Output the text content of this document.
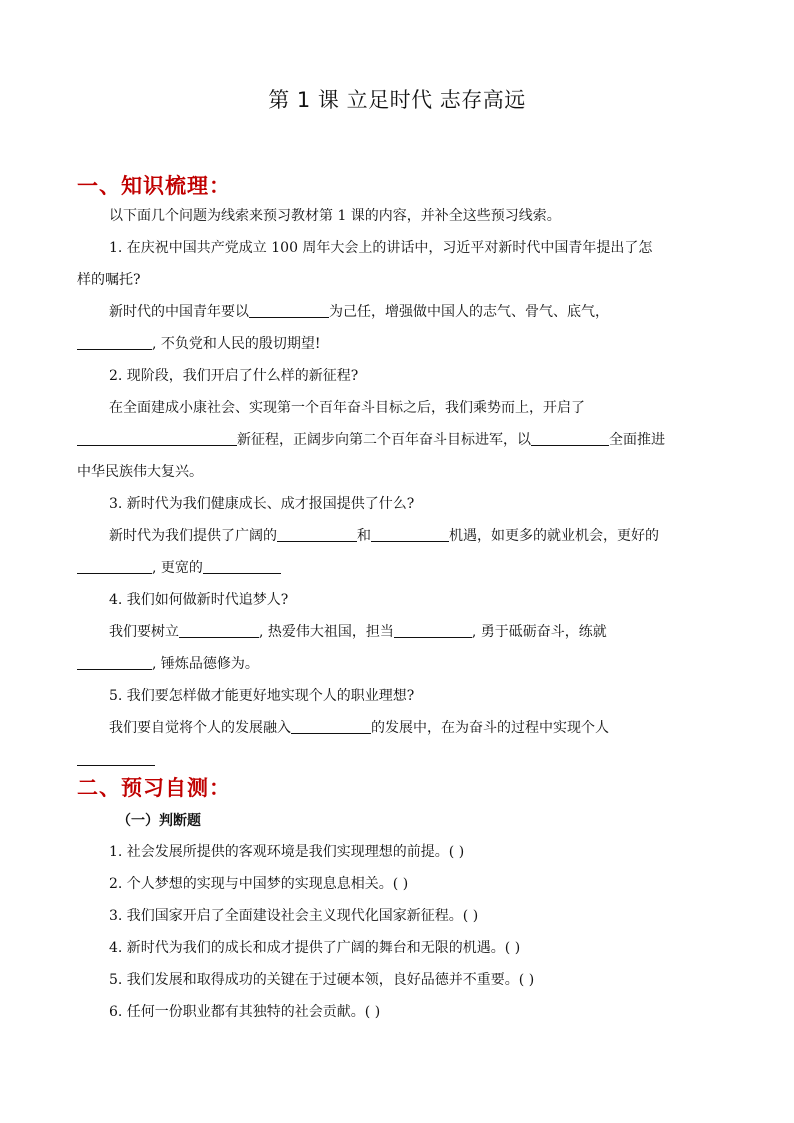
第 1 课 立足时代 志存高远
一、知识梳理：
以下面几个问题为线索来预习教材第 1 课的内容，并补全这些预习线索。
1. 在庆祝中国共产党成立 100 周年大会上的讲话中，习近平对新时代中国青年提出了怎
样的嘱托?
新时代的中国青年要以	为己任，增强做中国人的志气、骨气、底气，
, 不负党和人民的殷切期望!
2. 现阶段，我们开启了什么样的新征程?
在全面建成小康社会、实现第一个百年奋斗目标之后，我们乘势而上，开启了
新征程，正阔步向第二个百年奋斗目标进军，以	全面推进
中华民族伟大复兴。
3. 新时代为我们健康成长、成才报国提供了什么?
新时代为我们提供了广阔的	和	机遇，如更多的就业机会，更好的
, 更宽的
4. 我们如何做新时代追梦人?
我们要树立	, 热爱伟大祖国，担当	, 勇于砥砺奋斗，练就
, 锤炼品德修为。
5. 我们要怎样做才能更好地实现个人的职业理想?
我们要自觉将个人的发展融入	的发展中，在为奋斗的过程中实现个人
二、预习自测：
（一）判断题
1. 社会发展所提供的客观环境是我们实现理想的前提。( )
2. 个人梦想的实现与中国梦的实现息息相关。( )
3. 我们国家开启了全面建设社会主义现代化国家新征程。( )
4. 新时代为我们的成长和成才提供了广阔的舞台和无限的机遇。( )
5. 我们发展和取得成功的关键在于过硬本领，良好品德并不重要。( )
6. 任何一份职业都有其独特的社会贡献。( )
